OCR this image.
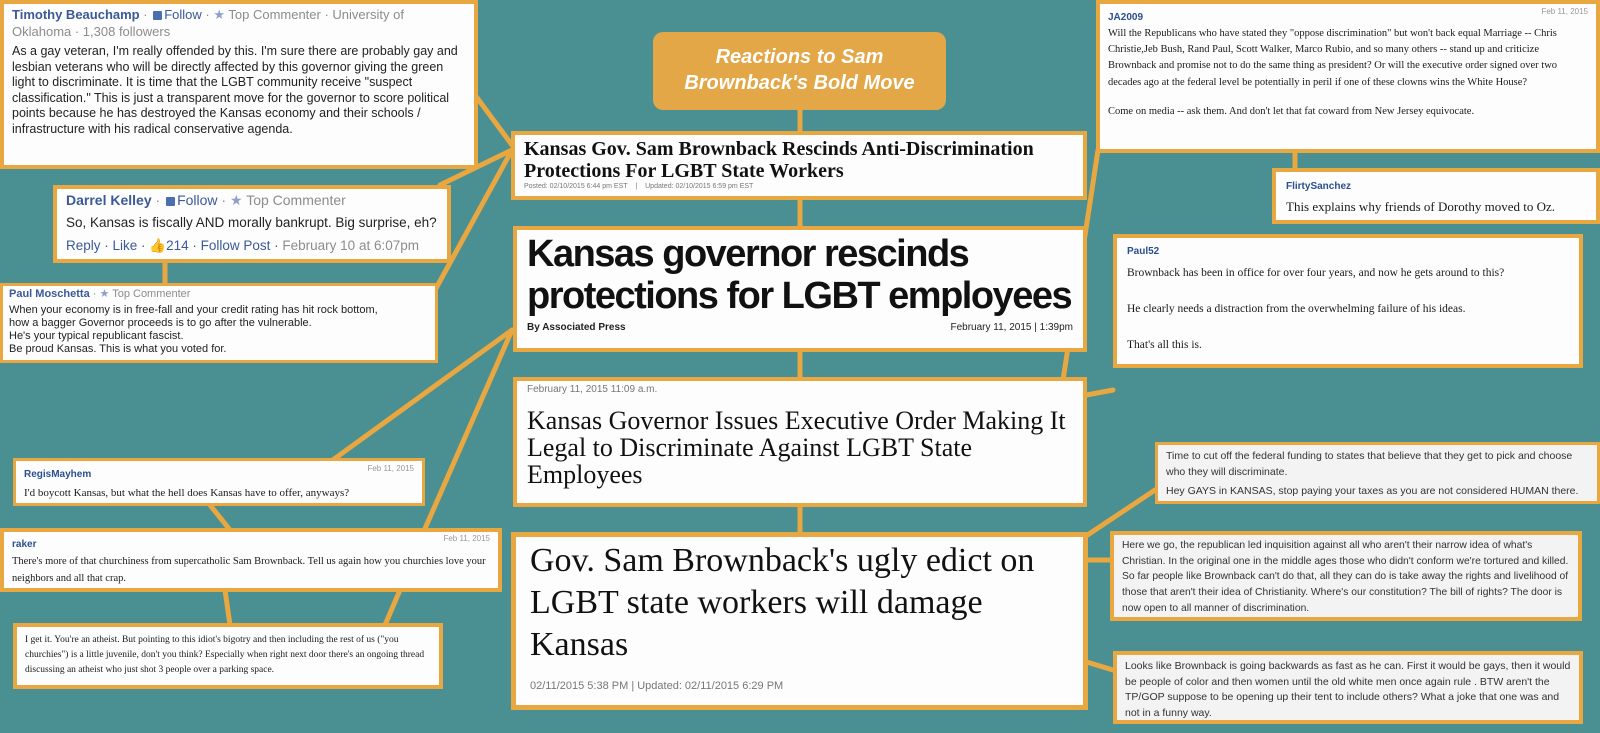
Reactions to Sam Brownback's Bold Move
Kansas Gov. Sam Brownback Rescinds Anti-Discrimination Protections For LGBT State Workers
Posted: 02/10/2015 6:44 pm EST | Updated: 02/10/2015 6:59 pm EST
Kansas governor rescinds protections for LGBT employees
By Associated Press	February 11, 2015 | 1:39pm
February 11, 2015 11:09 a.m.
Kansas Governor Issues Executive Order Making It Legal to Discriminate Against LGBT State Employees
Gov. Sam Brownback's ugly edict on LGBT state workers will damage Kansas
02/11/2015 5:38 PM | Updated: 02/11/2015 6:29 PM
Timothy Beauchamp · Follow · ★ Top Commenter · University of Oklahoma · 1,308 followers
As a gay veteran, I'm really offended by this. I'm sure there are probably gay and lesbian veterans who will be directly affected by this governor giving the green light to discriminate. It is time that the LGBT community receive "suspect classification." This is just a transparent move for the governor to score political points because he has destroyed the Kansas economy and their schools / infrastructure with his radical conservative agenda.
Darrel Kelley · Follow · ★ Top Commenter
So, Kansas is fiscally AND morally bankrupt. Big surprise, eh?
Reply · Like · 👍214 · Follow Post · February 10 at 6:07pm
Paul Moschetta · ★ Top Commenter
When your economy is in free-fall and your credit rating has hit rock bottom,
how a bagger Governor proceeds is to go after the vulnerable.
He's your typical republicant fascist.
Be proud Kansas. This is what you voted for.
RegisMayhem
Feb 11, 2015
I'd boycott Kansas, but what the hell does Kansas have to offer, anyways?
raker
Feb 11, 2015
There's more of that churchiness from supercatholic Sam Brownback. Tell us again how you churchies love your neighbors and all that crap.
I get it. You're an atheist. But pointing to this idiot's bigotry and then including the rest of us ("you churchies") is a little juvenile, don't you think? Especially when right next door there's an ongoing thread discussing an atheist who just shot 3 people over a parking space.
JA2009
Feb 11, 2015
Will the Republicans who have stated they "oppose discrimination" but won't back equal Marriage -- Chris Christie,Jeb Bush, Rand Paul, Scott Walker, Marco Rubio, and so many others -- stand up and criticize Brownback and promise not to do the same thing as president? Or will the executive order signed over two decades ago at the federal level be potentially in peril if one of these clowns wins the White House?
Come on media -- ask them. And don't let that fat coward from New Jersey equivocate.
FlirtySanchez
This explains why friends of Dorothy moved to Oz.
Paul52
Brownback has been in office for over four years, and now he gets around to this?
He clearly needs a distraction from the overwhelming failure of his ideas.
That's all this is.
Time to cut off the federal funding to states that believe that they get to pick and choose who they will discriminate.
Hey GAYS in KANSAS, stop paying your taxes as you are not considered HUMAN there.
Here we go, the republican led inquisition against all who aren't their narrow idea of what's Christian. In the original one in the middle ages those who didn't conform we're tortured and killed. So far people like Brownback can't do that, all they can do is take away the rights and livelihood of those that aren't their idea of Christianity. Where's our constitution? The bill of rights? The door is now open to all manner of discrimination.
Looks like Brownback is going backwards as fast as he can. First it would be gays, then it would be people of color and then women until the old white men once again rule . BTW aren't the TP/GOP suppose to be opening up their tent to include others? What a joke that one was and not in a funny way.
